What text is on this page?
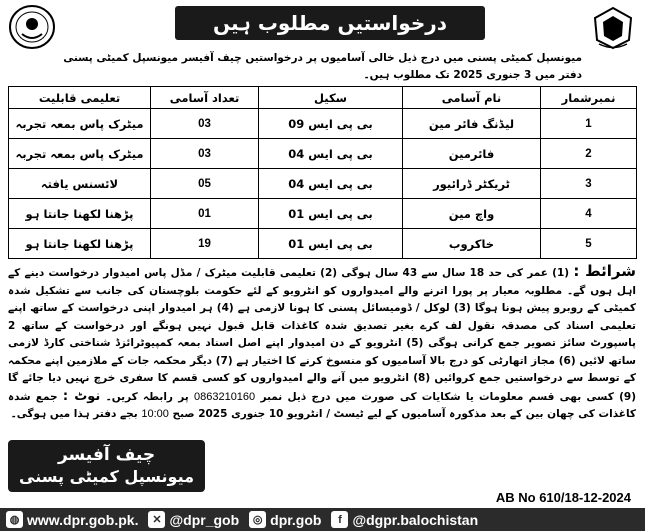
درخواستیں مطلوب ہیں
میونسپل کمیٹی پسنی میں درج ذیل خالی آسامیوں پر درخواستیں چیف آفیسر میونسپل کمیٹی پسنی دفتر میں 3 جنوری 2025 تک مطلوب ہیں۔
نمبرشمار	نام آسامی	سکیل	تعداد آسامی	تعلیمی قابلیت
1	لیڈنگ فائر مین	بی پی ایس 09	03	میٹرک پاس بمعہ تجربہ
2	فائرمین	بی پی ایس 04	03	میٹرک پاس بمعہ تجربہ
3	ٹریکٹر ڈرائیور	بی پی ایس 04	05	لائسنس یافتہ
4	واچ مین	بی پی ایس 01	01	پڑھنا لکھنا جانتا ہو
5	خاکروب	بی پی ایس 01	19	پڑھنا لکھنا جانتا ہو
شرائط : (1) عمر کی حد 18 سال سے 43 سال ہوگی (2) تعلیمی قابلیت میٹرک / مڈل پاس امیدوار درخواست دینے کے اہل ہوں گے۔ مطلوبہ معیار پر پورا اترنے والے امیدواروں کو انٹرویو کے لئے حکومت بلوچستان کی جانب سے تشکیل شدہ کمیٹی کے روبرو پیش ہونا ہوگا (3) لوکل / ڈومیسائل پسنی کا ہونا لازمی ہے (4) ہر امیدوار اپنی درخواست کے ساتھ اپنے تعلیمی اسناد کی مصدقہ نقول لف کرے بغیر تصدیق شدہ کاغذات قابل قبول نہیں ہونگے اور درخواست کے ساتھ 2 پاسپورٹ سائز تصویر جمع کرانی ہوگی (5) انٹرویو کے دن امیدوار اپنے اصل اسناد بمعہ کمپیوٹرائزڈ شناختی کارڈ لازمی ساتھ لائیں (6) مجاز اتھارٹی کو درج بالا آسامیوں کو منسوخ کرنے کا اختیار ہے (7) دیگر محکمہ جات کے ملازمین اپنے محکمہ کے توسط سے درخواستیں جمع کروائیں (8) انٹرویو میں آنے والے امیدواروں کو کسی قسم کا سفری خرچ نہیں دیا جائے گا (9) کسی بھی قسم معلومات یا شکایات کی صورت میں درج ذیل نمبر 0863210160 پر رابطہ کریں۔ نوٹ : جمع شدہ کاغذات کی چھان بین کے بعد مذکورہ آسامیوں کے لیے ٹیسٹ / انٹرویو 10 جنوری 2025 صبح 10:00 بجے دفتر ہذا میں ہوگی۔
چیف آفیسر
میونسپل کمیٹی پسنی
AB No 610/18-12-2024
◍ www.dpr.gob.pk.	✕ @dpr_gob	◎ dpr.gob	f @dgpr.balochistan
